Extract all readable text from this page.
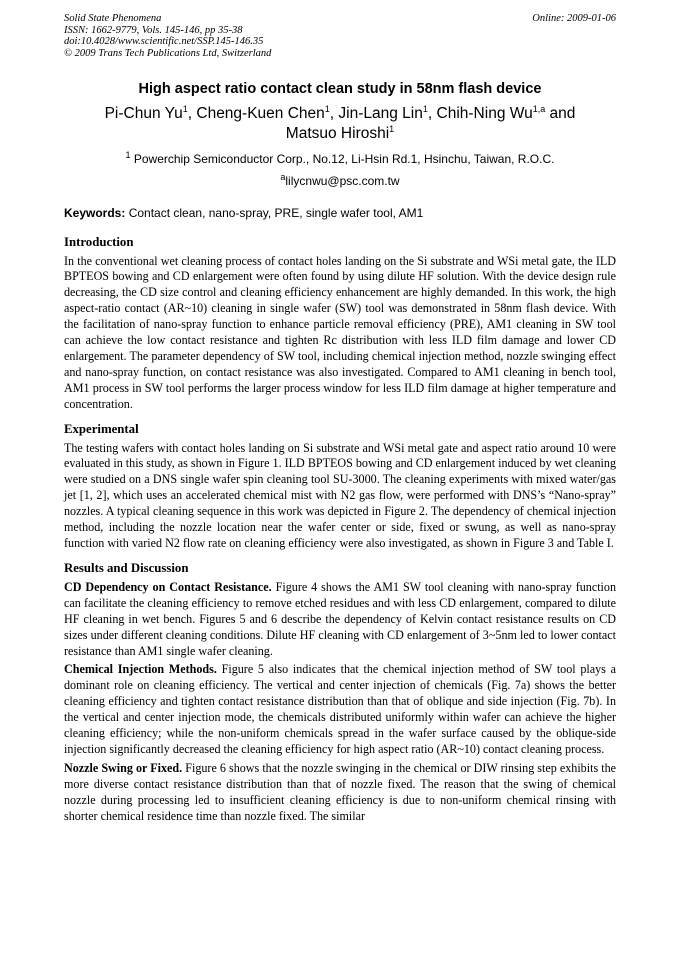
Solid State Phenomena
ISSN: 1662-9779, Vols. 145-146, pp 35-38
doi:10.4028/www.scientific.net/SSP.145-146.35
© 2009 Trans Tech Publications Ltd, Switzerland
Online: 2009-01-06
High aspect ratio contact clean study in 58nm flash device
Pi-Chun Yu$^1$, Cheng-Kuen Chen$^1$, Jin-Lang Lin$^1$, Chih-Ning Wu$^{1,a}$ and
Matsuo Hiroshi$^1$
$^1$ Powerchip Semiconductor Corp., No.12, Li-Hsin Rd.1, Hsinchu, Taiwan, R.O.C.
$^a$lilycnwu@psc.com.tw
Keywords: Contact clean, nano-spray, PRE, single wafer tool, AM1
Introduction

In the conventional wet cleaning process of contact holes landing on the Si substrate and WSi metal gate, the ILD BPTEOS bowing and CD enlargement were often found by using dilute HF solution. With the device design rule decreasing, the CD size control and cleaning efficiency enhancement are highly demanded. In this work, the high aspect-ratio contact (AR~10) cleaning in single wafer (SW) tool was demonstrated in 58nm flash device. With the facilitation of nano-spray function to enhance particle removal efficiency (PRE), AM1 cleaning in SW tool can achieve the low contact resistance and tighten Rc distribution with less ILD film damage and lower CD enlargement. The parameter dependency of SW tool, including chemical injection method, nozzle swinging effect and nano-spray function, on contact resistance was also investigated. Compared to AM1 cleaning in bench tool, AM1 process in SW tool performs the larger process window for less ILD film damage at higher temperature and concentration.

Experimental

The testing wafers with contact holes landing on Si substrate and WSi metal gate and aspect ratio around 10 were evaluated in this study, as shown in Figure 1. ILD BPTEOS bowing and CD enlargement induced by wet cleaning were studied on a DNS single wafer spin cleaning tool SU-3000. The cleaning experiments with mixed water/gas jet [1, 2], which uses an accelerated chemical mist with N2 gas flow, were performed with DNS’s “Nano-spray” nozzles. A typical cleaning sequence in this work was depicted in Figure 2. The dependency of chemical injection method, including the nozzle location near the wafer center or side, fixed or swung, as well as nano-spray function with varied N2 flow rate on cleaning efficiency were also investigated, as shown in Figure 3 and Table I.

Results and Discussion

CD Dependency on Contact Resistance. Figure 4 shows the AM1 SW tool cleaning with nano-spray function can facilitate the cleaning efficiency to remove etched residues and with less CD enlargement, compared to dilute HF cleaning in wet bench. Figures 5 and 6 describe the dependency of Kelvin contact resistance results on CD sizes under different cleaning conditions. Dilute HF cleaning with CD enlargement of 3~5nm led to lower contact resistance than AM1 single wafer cleaning.

Chemical Injection Methods. Figure 5 also indicates that the chemical injection method of SW tool plays a dominant role on cleaning efficiency. The vertical and center injection of chemicals (Fig. 7a) shows the better cleaning efficiency and tighten contact resistance distribution than that of oblique and side injection (Fig. 7b). In the vertical and center injection mode, the chemicals distributed uniformly within wafer can achieve the higher cleaning efficiency; while the non-uniform chemicals spread in the wafer surface caused by the oblique-side injection significantly decreased the cleaning efficiency for high aspect ratio (AR~10) contact cleaning process.

Nozzle Swing or Fixed. Figure 6 shows that the nozzle swinging in the chemical or DIW rinsing step exhibits the more diverse contact resistance distribution than that of nozzle fixed. The reason that the swing of chemical nozzle during processing led to insufficient cleaning efficiency is due to non-uniform chemical rinsing with shorter chemical residence time than nozzle fixed. The similar
